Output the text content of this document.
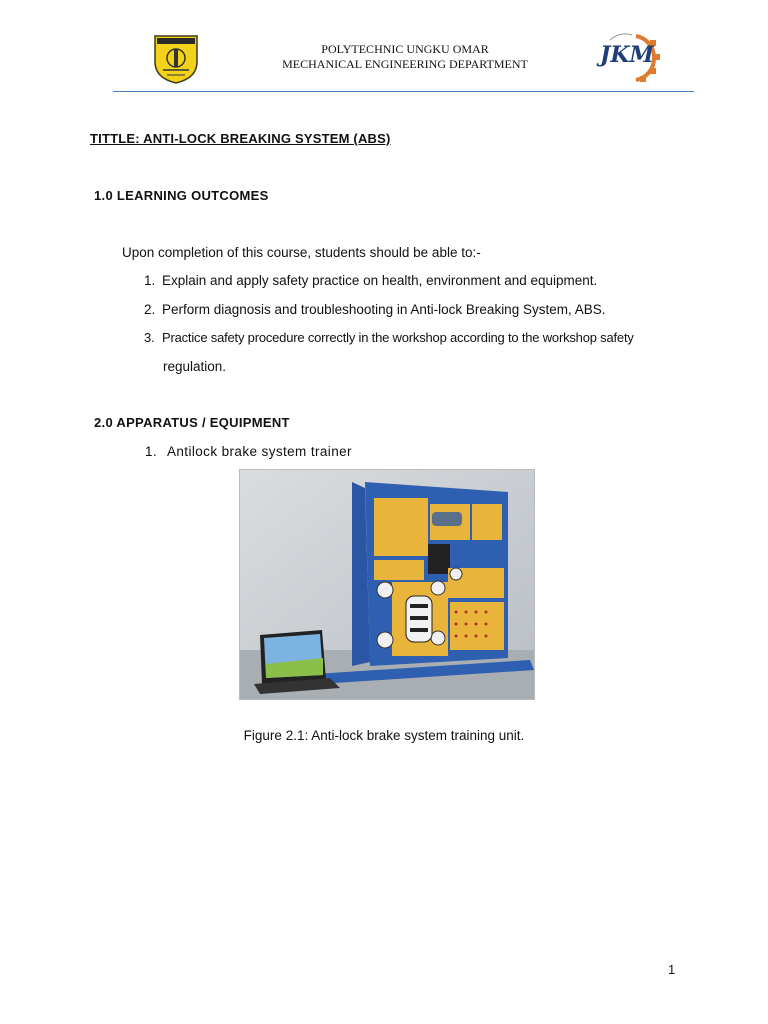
POLYTECHNIC UNGKU OMAR
MECHANICAL ENGINEERING DEPARTMENT	JKM
TITTLE: ANTI-LOCK BREAKING SYSTEM (ABS)
1.0 LEARNING OUTCOMES
Upon completion of this course, students should be able to:-
1. Explain and apply safety practice on health, environment and equipment.
2. Perform diagnosis and troubleshooting in Anti-lock Breaking System, ABS.
3. Practice safety procedure correctly in the workshop according to the workshop safety
regulation.
2.0 APPARATUS / EQUIPMENT
1. Antilock brake system trainer
Figure 2.1: Anti-lock brake system training unit.
1
